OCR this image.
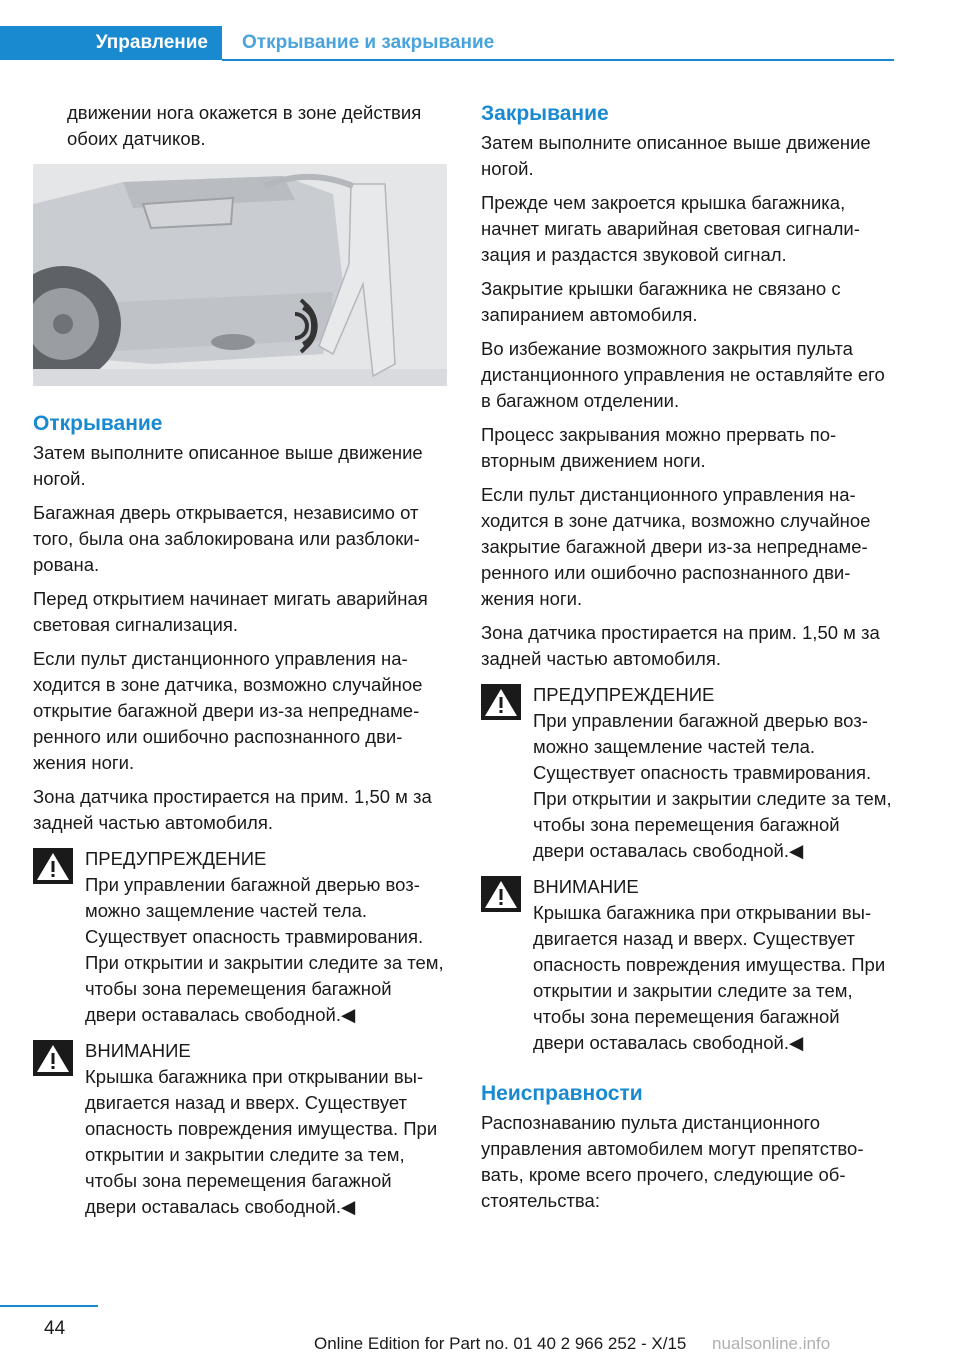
Управление	Открывание и закрывание

движении нога окажется в зоне действия обоих датчиков.

Открывание

Затем выполните описанное выше движение ногой.

Багажная дверь открывается, независимо от того, была она заблокирована или разблокирована.

Перед открытием начинает мигать аварийная световая сигнализация.

Если пульт дистанционного управления находится в зоне датчика, возможно случайное открытие багажной двери из-за непреднамеренного или ошибочно распознанного движения ноги.

Зона датчика простирается на прим. 1,50 м за задней частью автомобиля.

ПРЕДУПРЕЖДЕНИЕ
При управлении багажной дверью возможно защемление частей тела. Существует опасность травмирования. При открытии и закрытии следите за тем, чтобы зона перемещения багажной двери оставалась свободной.◀
ВНИМАНИЕ
Крышка багажника при открывании выдвигается назад и вверх. Существует опасность повреждения имущества. При открытии и закрытии следите за тем, чтобы зона перемещения багажной двери оставалась свободной.◀
Закрывание

Затем выполните описанное выше движение ногой.

Прежде чем закроется крышка багажника, начнет мигать аварийная световая сигнализация и раздастся звуковой сигнал.

Закрытие крышки багажника не связано с запиранием автомобиля.

Во избежание возможного закрытия пульта дистанционного управления не оставляйте его в багажном отделении.

Процесс закрывания можно прервать повторным движением ноги.

Если пульт дистанционного управления находится в зоне датчика, возможно случайное закрытие багажной двери из-за непреднамеренного или ошибочно распознанного движения ноги.

Зона датчика простирается на прим. 1,50 м за задней частью автомобиля.

ПРЕДУПРЕЖДЕНИЕ
При управлении багажной дверью возможно защемление частей тела. Существует опасность травмирования. При открытии и закрытии следите за тем, чтобы зона перемещения багажной двери оставалась свободной.◀
ВНИМАНИЕ
Крышка багажника при открывании выдвигается назад и вверх. Существует опасность повреждения имущества. При открытии и закрытии следите за тем, чтобы зона перемещения багажной двери оставалась свободной.◀
Неисправности

Распознаванию пульта дистанционного управления автомобилем могут препятствовать, кроме всего прочего, следующие обстоятельства:

44
Online Edition for Part no. 01 40 2 966 252 - X/15 nualsonline.info
